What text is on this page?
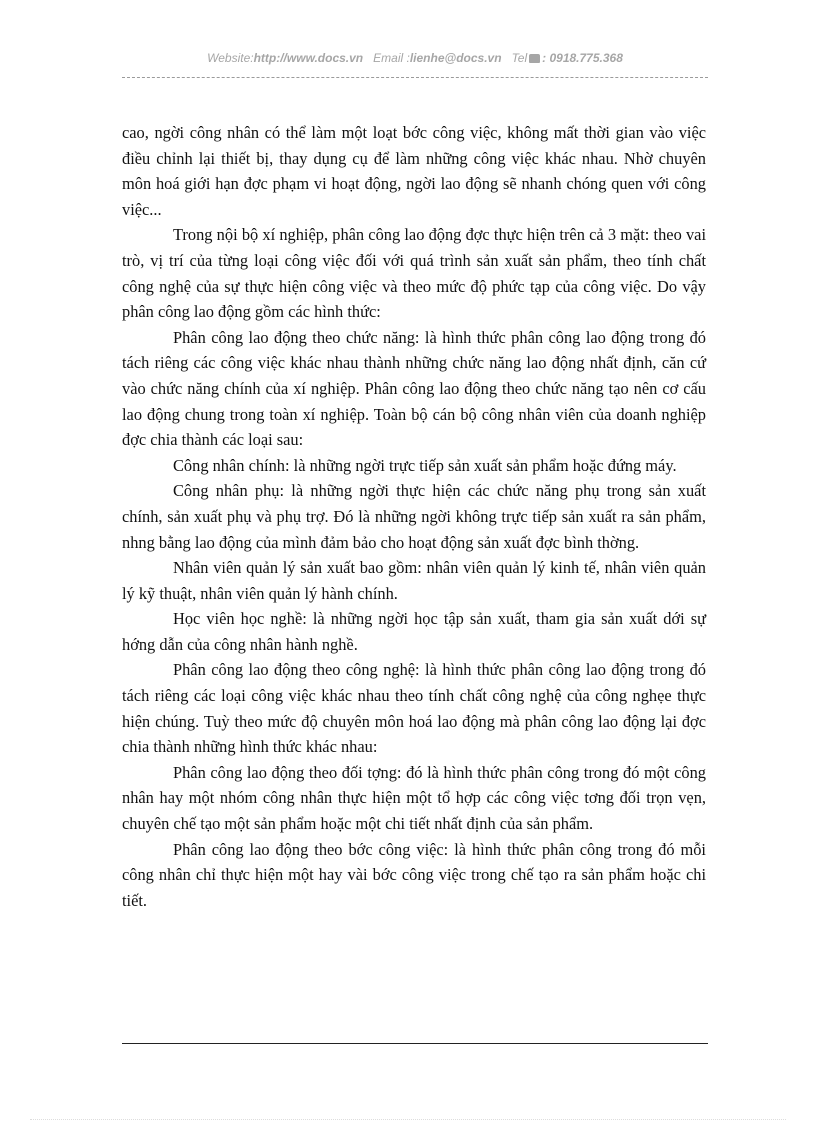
Website:http://www.docs.vn Email :lienhe@docs.vn Tel : 0918.775.368

cao, ngời công nhân có thể làm một loạt bớc công việc, không mất thời gian vào việc điều chỉnh lại thiết bị, thay dụng cụ để làm những công việc khác nhau. Nhờ chuyên môn hoá giới hạn đợc phạm vi hoạt động, ngời lao động sẽ nhanh chóng quen với công việc...

Trong nội bộ xí nghiệp, phân công lao động đợc thực hiện trên cả 3 mặt: theo vai trò, vị trí của từng loại công việc đối với quá trình sản xuất sản phẩm, theo tính chất công nghệ của sự thực hiện công việc và theo mức độ phức tạp của công việc. Do vậy phân công lao động gồm các hình thức:

Phân công lao động theo chức năng: là hình thức phân công lao động trong đó tách riêng các công việc khác nhau thành những chức năng lao động nhất định, căn cứ vào chức năng chính của xí nghiệp. Phân công lao động theo chức năng tạo nên cơ cấu lao động chung trong toàn xí nghiệp. Toàn bộ cán bộ công nhân viên của doanh nghiệp đợc chia thành các loại sau:

Công nhân chính: là những ngời trực tiếp sản xuất sản phẩm hoặc đứng máy.

Công nhân phụ: là những ngời thực hiện các chức năng phụ trong sản xuất chính, sản xuất phụ và phụ trợ. Đó là những ngời không trực tiếp sản xuất ra sản phẩm, nhng bằng lao động của mình đảm bảo cho hoạt động sản xuất đợc bình thờng.

Nhân viên quản lý sản xuất bao gồm: nhân viên quản lý kinh tế, nhân viên quản lý kỹ thuật, nhân viên quản lý hành chính.

Học viên học nghề: là những ngời học tập sản xuất, tham gia sản xuất dới sự hớng dẫn của công nhân hành nghề.

Phân công lao động theo công nghệ: là hình thức phân công lao động trong đó tách riêng các loại công việc khác nhau theo tính chất công nghệ của công nghẹe thực hiện chúng. Tuỳ theo mức độ chuyên môn hoá lao động mà phân công lao động lại đợc chia thành những hình thức khác nhau:

Phân công lao động theo đối tợng: đó là hình thức phân công trong đó một công nhân hay một nhóm công nhân thực hiện một tổ hợp các công việc tơng đối trọn vẹn, chuyên chế tạo một sản phẩm hoặc một chi tiết nhất định của sản phẩm.

Phân công lao động theo bớc công việc: là hình thức phân công trong đó mỗi công nhân chỉ thực hiện một hay vài bớc công việc trong chế tạo ra sản phẩm hoặc chi tiết.
